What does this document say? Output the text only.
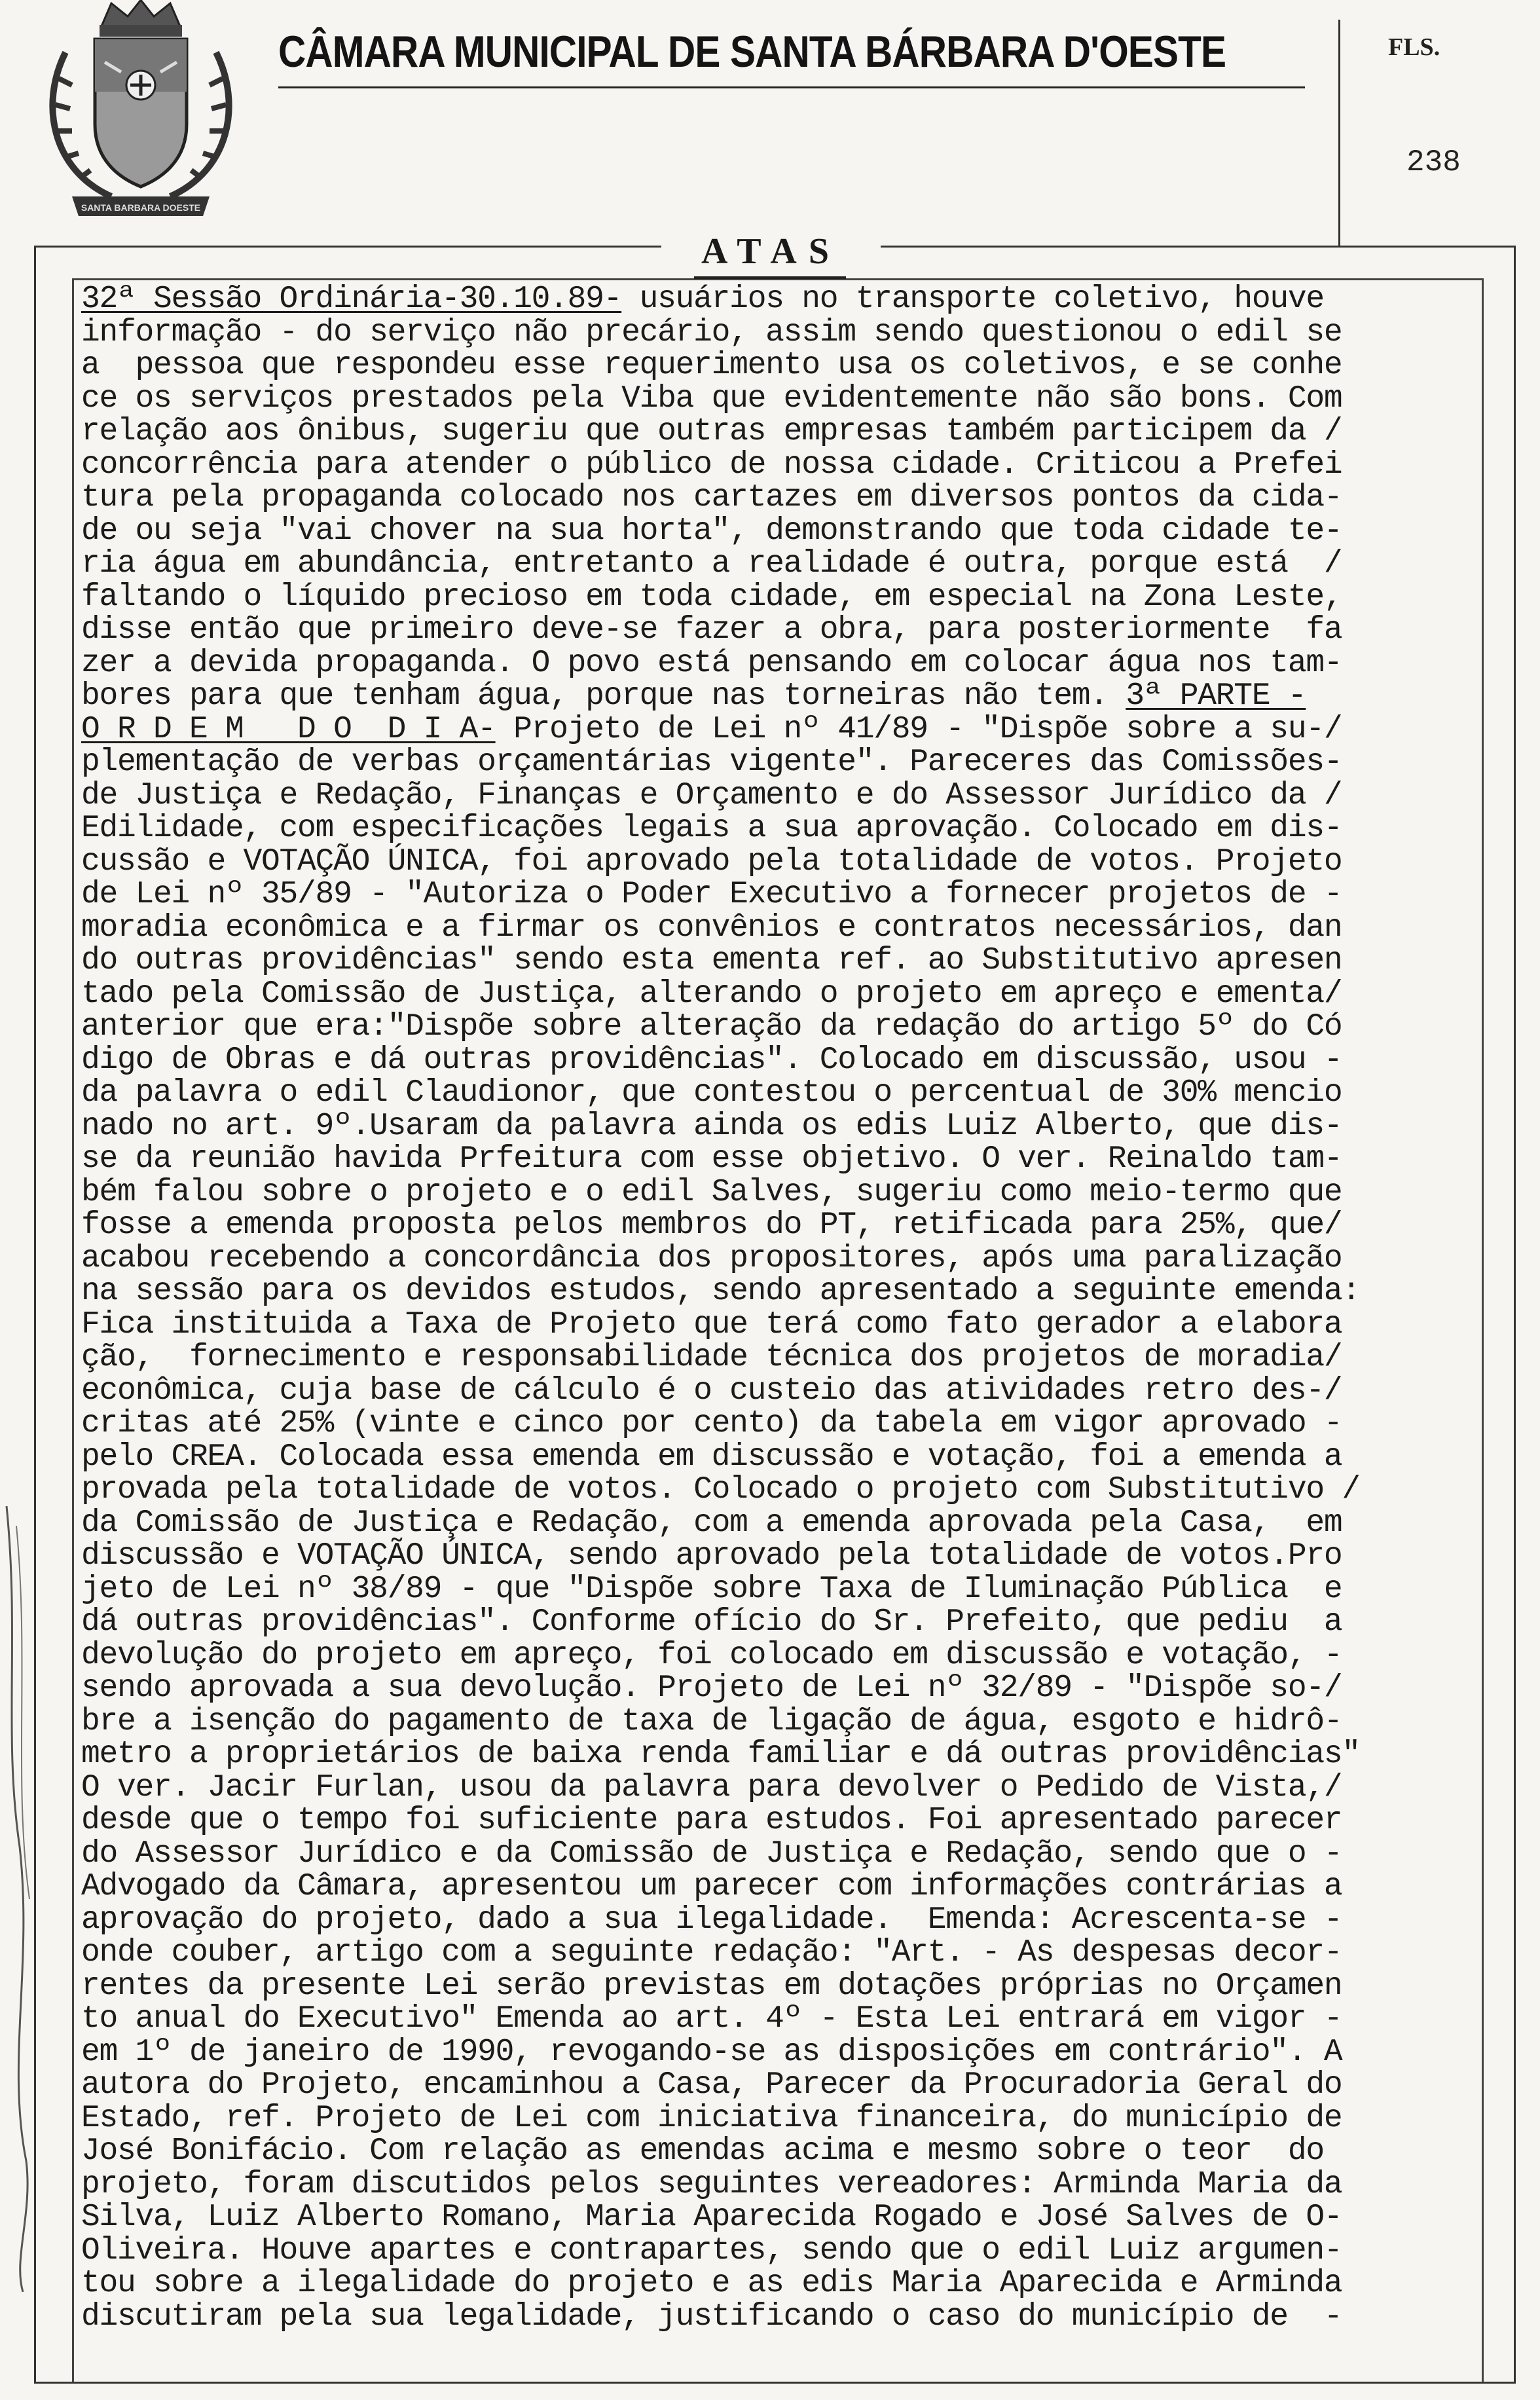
SANTA BARBARA DOESTE
CÂMARA MUNICIPAL DE SANTA BÁRBARA D'OESTE	FLS.
238
ATAS
32ª Sessão Ordinária-30.10.89- usuários no transporte coletivo, houve
informação - do serviço não precário, assim sendo questionou o edil se
a  pessoa que respondeu esse requerimento usa os coletivos, e se conhe
ce os serviços prestados pela Viba que evidentemente não são bons. Com
relação aos ônibus, sugeriu que outras empresas também participem da /
concorrência para atender o público de nossa cidade. Criticou a Prefei
tura pela propaganda colocado nos cartazes em diversos pontos da cida-
de ou seja "vai chover na sua horta", demonstrando que toda cidade te-
ria água em abundância, entretanto a realidade é outra, porque está  /
faltando o líquido precioso em toda cidade, em especial na Zona Leste,
disse então que primeiro deve-se fazer a obra, para posteriormente  fa
zer a devida propaganda. O povo está pensando em colocar água nos tam-
bores para que tenham água, porque nas torneiras não tem. 3ª PARTE -
O R D E M   D O  D I A- Projeto de Lei nº 41/89 - "Dispõe sobre a su-/
plementação de verbas orçamentárias vigente". Pareceres das Comissões-
de Justiça e Redação, Finanças e Orçamento e do Assessor Jurídico da /
Edilidade, com especificações legais a sua aprovação. Colocado em dis-
cussão e VOTAÇÃO ÚNICA, foi aprovado pela totalidade de votos. Projeto
de Lei nº 35/89 - "Autoriza o Poder Executivo a fornecer projetos de -
moradia econômica e a firmar os convênios e contratos necessários, dan
do outras providências" sendo esta ementa ref. ao Substitutivo apresen
tado pela Comissão de Justiça, alterando o projeto em apreço e ementa/
anterior que era:"Dispõe sobre alteração da redação do artigo 5º do Có
digo de Obras e dá outras providências". Colocado em discussão, usou -
da palavra o edil Claudionor, que contestou o percentual de 30% mencio
nado no art. 9º.Usaram da palavra ainda os edis Luiz Alberto, que dis-
se da reunião havida Prfeitura com esse objetivo. O ver. Reinaldo tam-
bém falou sobre o projeto e o edil Salves, sugeriu como meio-termo que
fosse a emenda proposta pelos membros do PT, retificada para 25%, que/
acabou recebendo a concordância dos propositores, após uma paralização
na sessão para os devidos estudos, sendo apresentado a seguinte emenda:
Fica instituida a Taxa de Projeto que terá como fato gerador a elabora
ção,  fornecimento e responsabilidade técnica dos projetos de moradia/
econômica, cuja base de cálculo é o custeio das atividades retro des-/
critas até 25% (vinte e cinco por cento) da tabela em vigor aprovado -
pelo CREA. Colocada essa emenda em discussão e votação, foi a emenda a
provada pela totalidade de votos. Colocado o projeto com Substitutivo /
da Comissão de Justiça e Redação, com a emenda aprovada pela Casa,  em
discussão e VOTAÇÃO ÚNICA, sendo aprovado pela totalidade de votos.Pro
jeto de Lei nº 38/89 - que "Dispõe sobre Taxa de Iluminação Pública  e
dá outras providências". Conforme ofício do Sr. Prefeito, que pediu  a
devolução do projeto em apreço, foi colocado em discussão e votação, -
sendo aprovada a sua devolução. Projeto de Lei nº 32/89 - "Dispõe so-/
bre a isenção do pagamento de taxa de ligação de água, esgoto e hidrô-
metro a proprietários de baixa renda familiar e dá outras providências"
O ver. Jacir Furlan, usou da palavra para devolver o Pedido de Vista,/
desde que o tempo foi suficiente para estudos. Foi apresentado parecer
do Assessor Jurídico e da Comissão de Justiça e Redação, sendo que o -
Advogado da Câmara, apresentou um parecer com informações contrárias a
aprovação do projeto, dado a sua ilegalidade.  Emenda: Acrescenta-se -
onde couber, artigo com a seguinte redação: "Art. - As despesas decor-
rentes da presente Lei serão previstas em dotações próprias no Orçamen
to anual do Executivo" Emenda ao art. 4º - Esta Lei entrará em vigor -
em 1º de janeiro de 1990, revogando-se as disposições em contrário". A
autora do Projeto, encaminhou a Casa, Parecer da Procuradoria Geral do
Estado, ref. Projeto de Lei com iniciativa financeira, do município de
José Bonifácio. Com relação as emendas acima e mesmo sobre o teor  do
projeto, foram discutidos pelos seguintes vereadores: Arminda Maria da
Silva, Luiz Alberto Romano, Maria Aparecida Rogado e José Salves de O-
Oliveira. Houve apartes e contrapartes, sendo que o edil Luiz argumen-
tou sobre a ilegalidade do projeto e as edis Maria Aparecida e Arminda
discutiram pela sua legalidade, justificando o caso do município de  -
